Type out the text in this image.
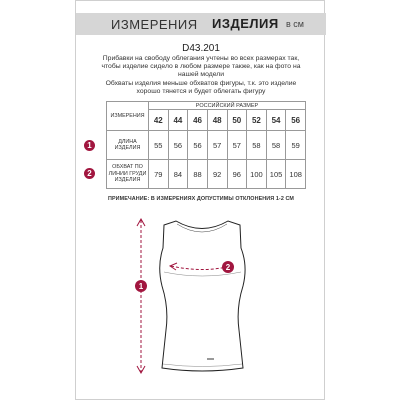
ИЗМЕРЕНИЯ ИЗДЕЛИЯ в см
D43.201
Прибавки на свободу облегания учтены во всех размерах так, чтобы изделие сидело в любом размере также, как на фото на нашей модели
Обхваты изделия меньше обхватов фигуры, т.к. это изделие хорошо тянется и будет облегать фигуру
1
2
ИЗМЕРЕНИЯ	РОССИЙСКИЙ РАЗМЕР							
	42	44	46	48	50	52	54	56
ДЛИНА ИЗДЕЛИЯ	55	56	56	57	57	58	58	59
ОБХВАТ ПО ЛИНИИ ГРУДИ ИЗДЕЛИЯ	79	84	88	92	96	100	105	108
ПРИМЕЧАНИЕ: В ИЗМЕРЕНИЯХ ДОПУСТИМЫ ОТКЛОНЕНИЯ 1-2 СМ
1
2
